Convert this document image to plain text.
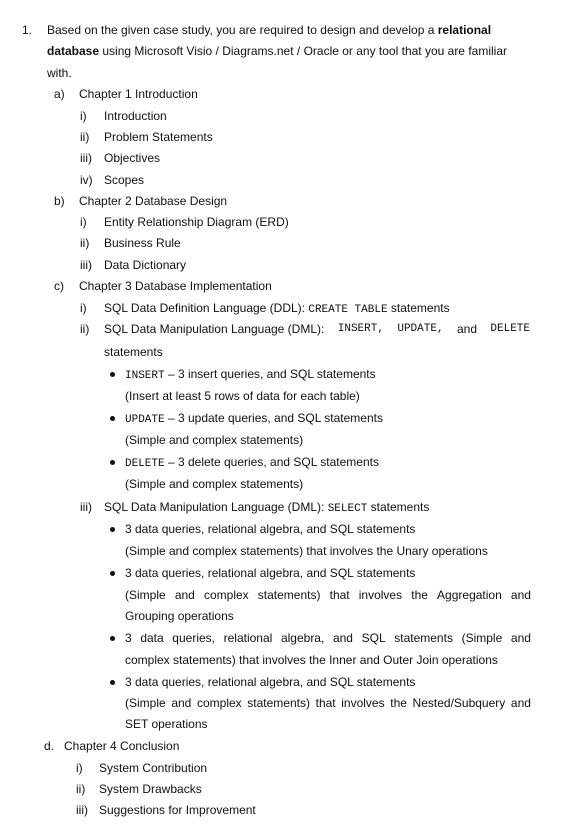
1. Based on the given case study, you are required to design and develop a relational
database using Microsoft Visio / Diagrams.net / Oracle or any tool that you are familiar
with.
a) Chapter 1 Introduction
i) Introduction
ii) Problem Statements
iii) Objectives
iv) Scopes
b) Chapter 2 Database Design
i) Entity Relationship Diagram (ERD)
ii) Business Rule
iii) Data Dictionary
c) Chapter 3 Database Implementation
i) SQL Data Definition Language (DDL): CREATE TABLE statements
ii) SQL Data Manipulation Language (DML): INSERT, UPDATE, and DELETE
statements
INSERT – 3 insert queries, and SQL statements
(Insert at least 5 rows of data for each table)
UPDATE – 3 update queries, and SQL statements
(Simple and complex statements)
DELETE – 3 delete queries, and SQL statements
(Simple and complex statements)
iii) SQL Data Manipulation Language (DML): SELECT statements
3 data queries, relational algebra, and SQL statements
(Simple and complex statements) that involves the Unary operations
3 data queries, relational algebra, and SQL statements
(Simple and complex statements) that involves the Aggregation and
Grouping operations
3 data queries, relational algebra, and SQL statements (Simple and
complex statements) that involves the Inner and Outer Join operations
3 data queries, relational algebra, and SQL statements
(Simple and complex statements) that involves the Nested/Subquery and
SET operations
d. Chapter 4 Conclusion
i) System Contribution
ii) System Drawbacks
iii) Suggestions for Improvement
